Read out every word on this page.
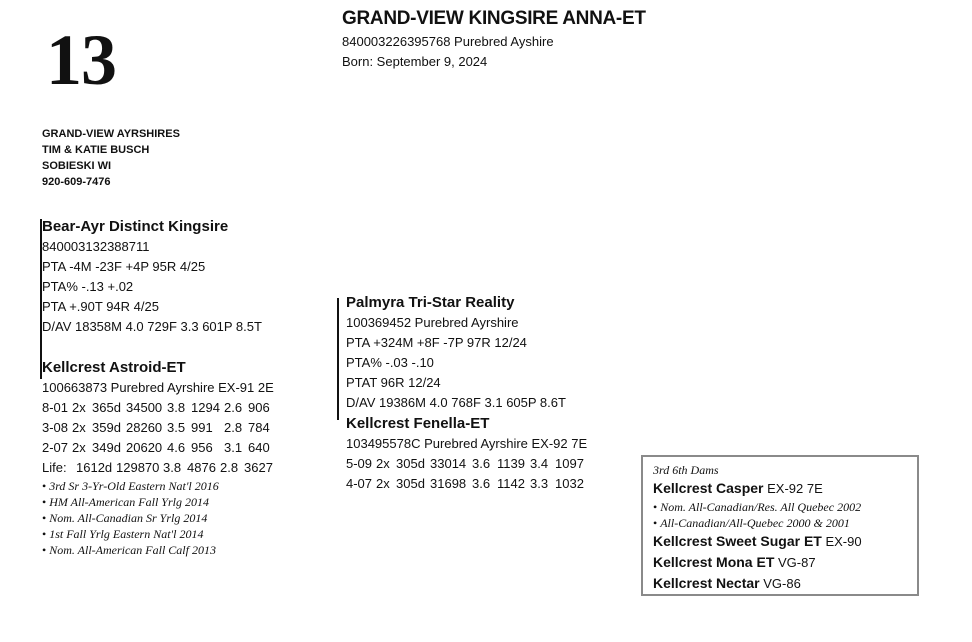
13
GRAND-VIEW KINGSIRE ANNA-ET
840003226395768 Purebred Ayshire
Born: September 9, 2024
GRAND-VIEW AYRSHIRES
TIM & KATIE BUSCH
SOBIESKI WI
920-609-7476
Bear-Ayr Distinct Kingsire
840003132388711
PTA -4M -23F +4P 95R 4/25
PTA% -.13 +.02
PTA +.90T 94R 4/25
D/AV 18358M 4.0 729F 3.3 601P 8.5T
Kellcrest Astroid-ET
100663873 Purebred Ayrshire EX-91 2E
8-01 2x 365d 34500 3.8 1294 2.6 906
3-08 2x 359d 28260 3.5 991 2.8 784
2-07 2x 349d 20620 4.6 956 3.1 640
Life: 1612d 129870 3.8 4876 2.8 3627
• 3rd Sr 3-Yr-Old Eastern Nat'l 2016
• HM All-American Fall Yrlg 2014
• Nom. All-Canadian Sr Yrlg 2014
• 1st Fall Yrlg Eastern Nat'l 2014
• Nom. All-American Fall Calf 2013
Palmyra Tri-Star Reality
100369452 Purebred Ayrshire
PTA +324M +8F -7P 97R 12/24
PTA% -.03 -.10
PTAT 96R 12/24
D/AV 19386M 4.0 768F 3.1 605P 8.6T
Kellcrest Fenella-ET
103495578C Purebred Ayrshire EX-92 7E
5-09 2x 305d 33014 3.6 1139 3.4 1097
4-07 2x 305d 31698 3.6 1142 3.3 1032
3rd 6th Dams
Kellcrest Casper EX-92 7E
• Nom. All-Canadian/Res. All Quebec 2002
• All-Canadian/All-Quebec 2000 & 2001
Kellcrest Sweet Sugar ET EX-90
Kellcrest Mona ET VG-87
Kellcrest Nectar VG-86
